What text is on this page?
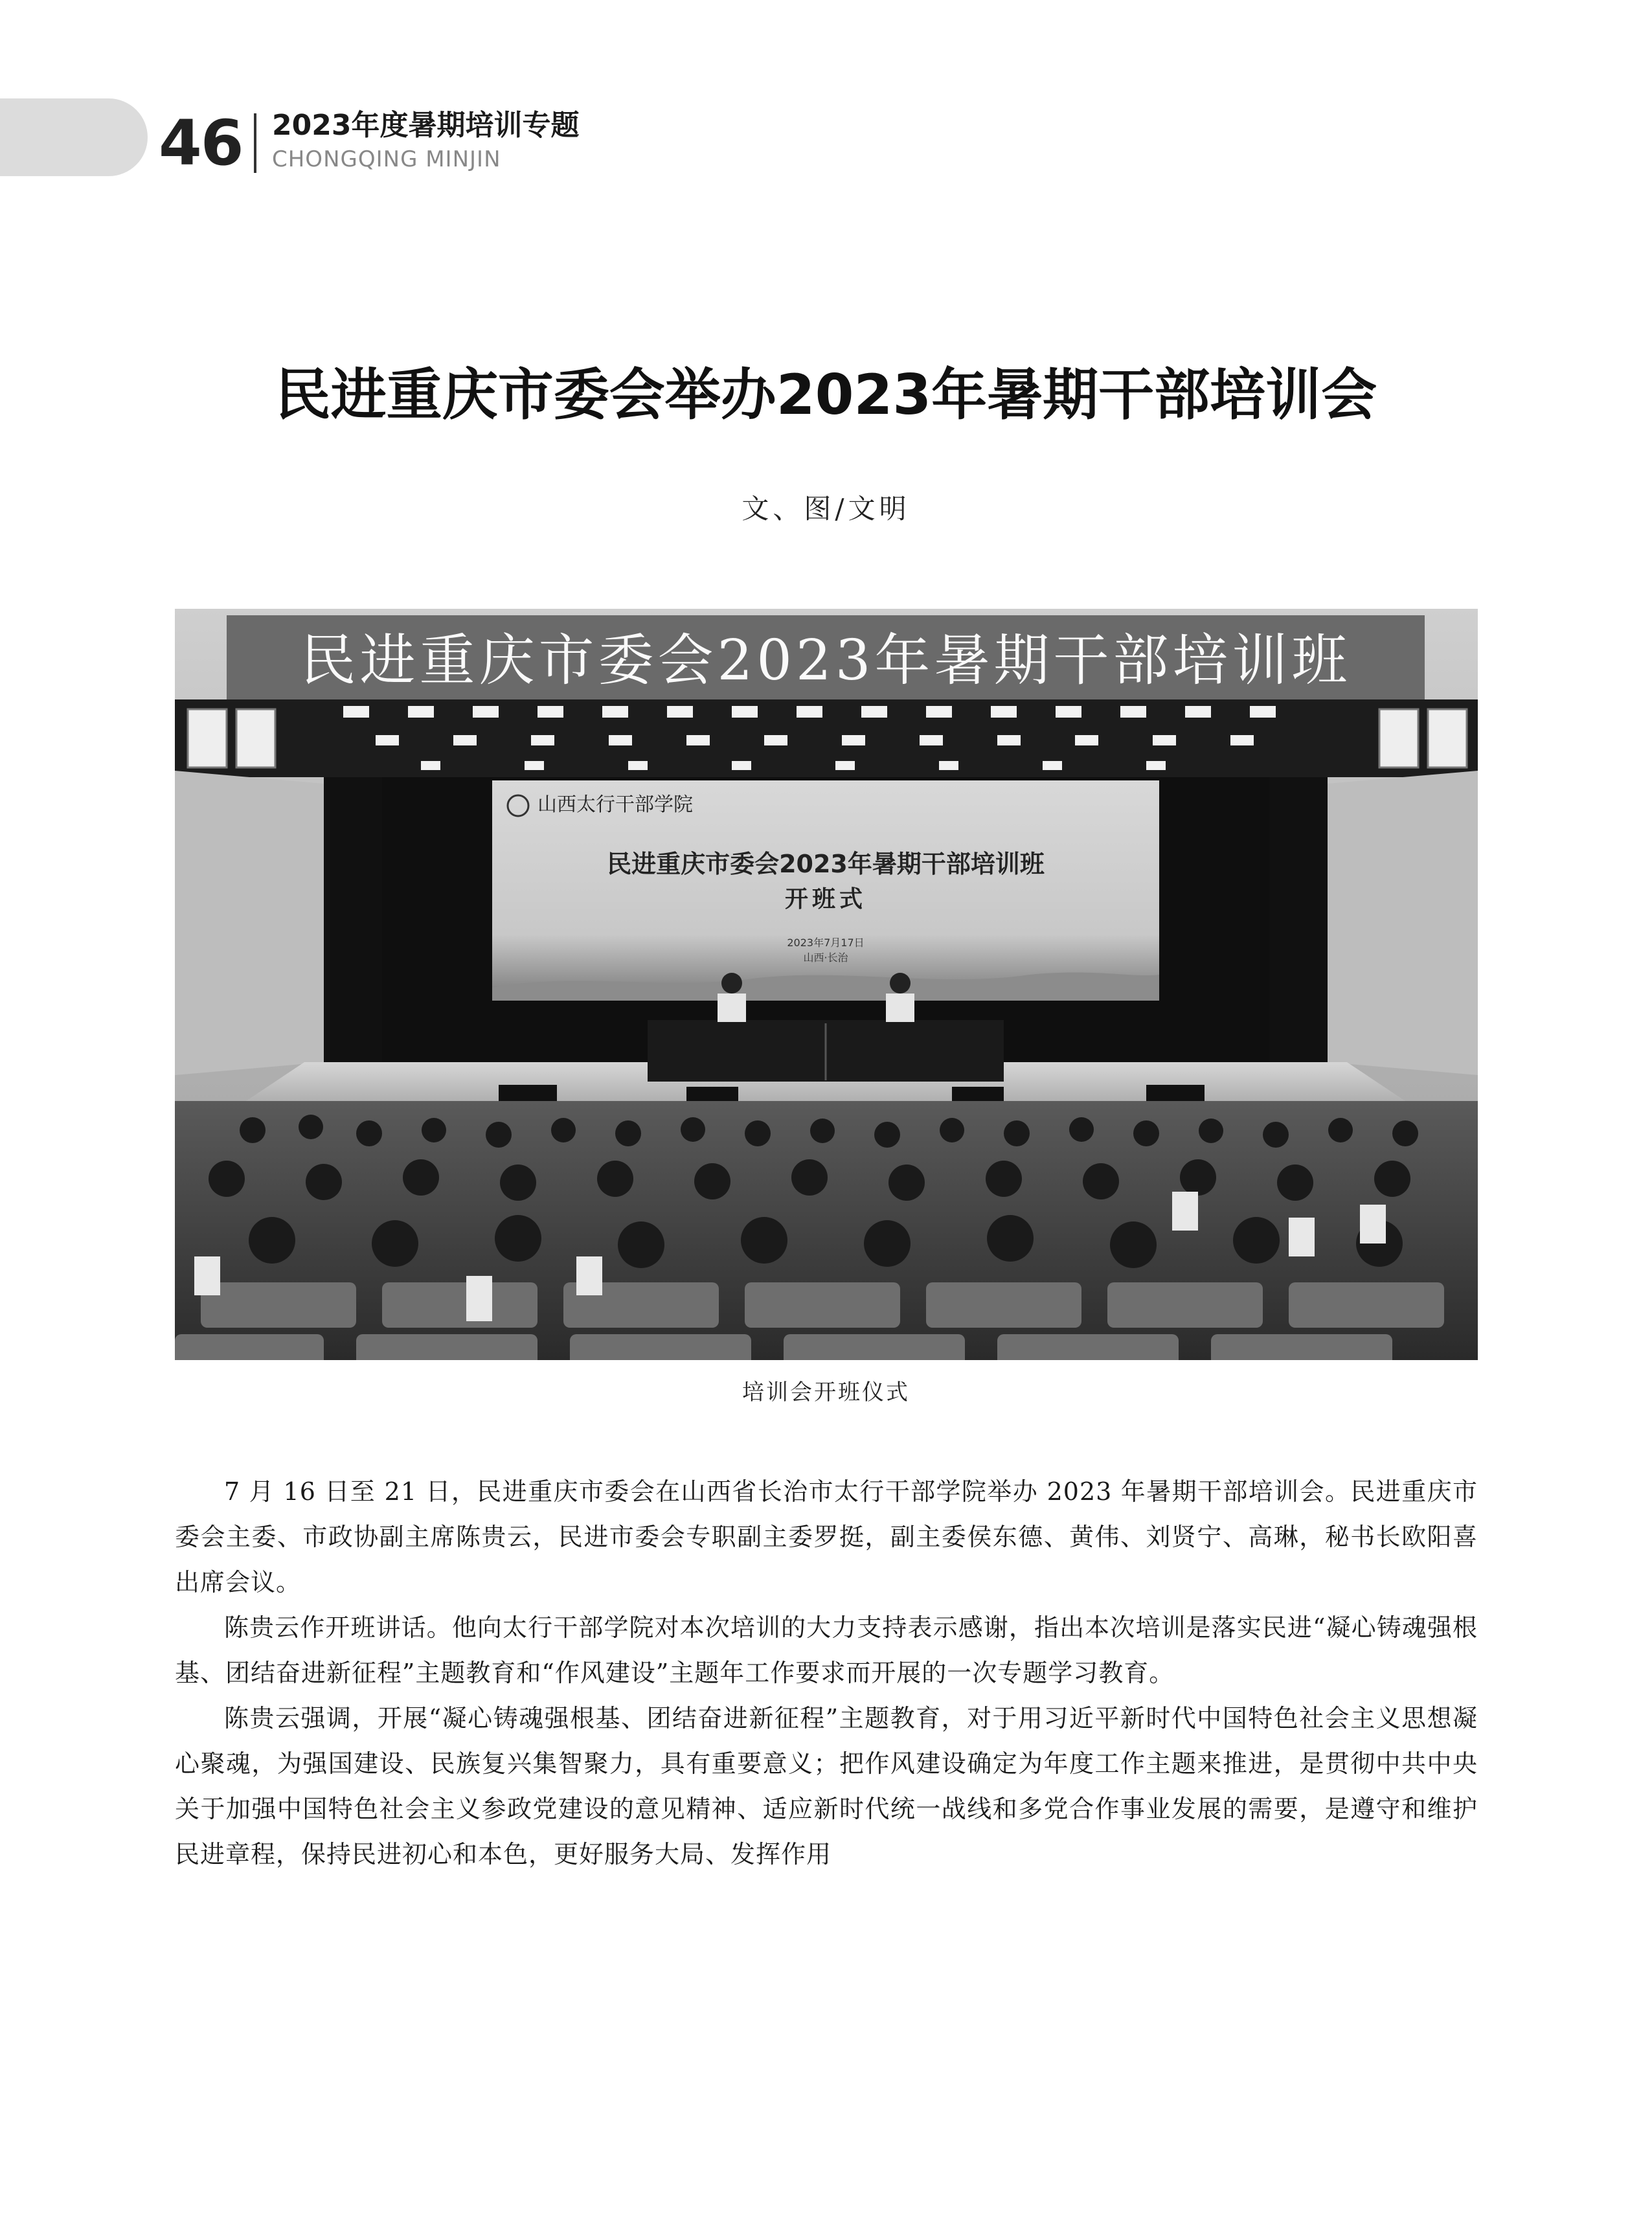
46 2023年度暑期培训专题
CHONGQING MINJIN
民进重庆市委会举办2023年暑期干部培训会
文、图/文明
民进重庆市委会2023年暑期干部培训班
山西太行干部学院
民进重庆市委会2023年暑期干部培训班
开班式
2023年7月17日
山西·长治
培训会开班仪式

7 月 16 日至 21 日，民进重庆市委会在山西省长治市太行干部学院举办 2023 年暑期干部培训会。民进重庆市委会主委、市政协副主席陈贵云，民进市委会专职副主委罗挺，副主委侯东德、黄伟、刘贤宁、高琳，秘书长欧阳喜出席会议。

陈贵云作开班讲话。他向太行干部学院对本次培训的大力支持表示感谢，指出本次培训是落实民进“凝心铸魂强根基、团结奋进新征程”主题教育和“作风建设”主题年工作要求而开展的一次专题学习教育。

陈贵云强调，开展“凝心铸魂强根基、团结奋进新征程”主题教育，对于用习近平新时代中国特色社会主义思想凝心聚魂，为强国建设、民族复兴集智聚力，具有重要意义；把作风建设确定为年度工作主题来推进，是贯彻中共中央关于加强中国特色社会主义参政党建设的意见精神、适应新时代统一战线和多党合作事业发展的需要，是遵守和维护民进章程，保持民进初心和本色，更好服务大局、发挥作用
